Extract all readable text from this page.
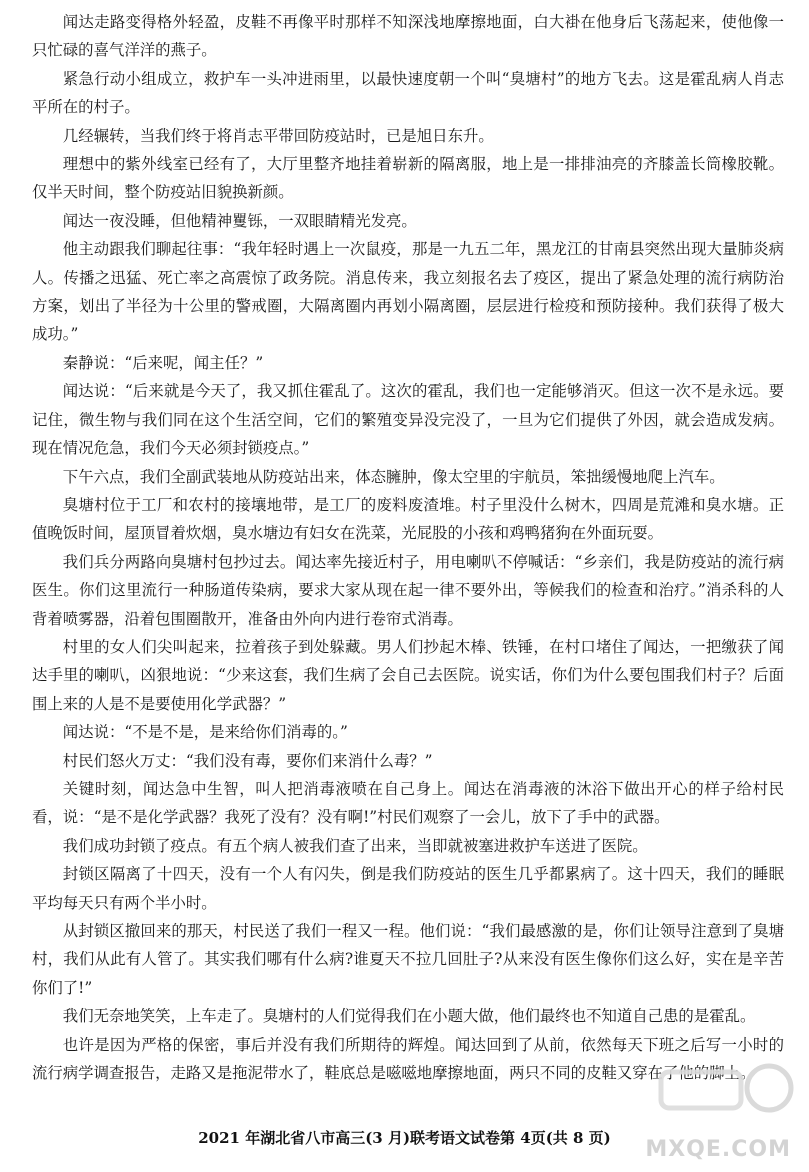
闻达走路变得格外轻盈，皮鞋不再像平时那样不知深浅地摩擦地面，白大褂在他身后飞荡起来，使他像一只忙碌的喜气洋洋的燕子。

紧急行动小组成立，救护车一头冲进雨里，以最快速度朝一个叫“臭塘村”的地方飞去。这是霍乱病人肖志平所在的村子。

几经辗转，当我们终于将肖志平带回防疫站时，已是旭日东升。

理想中的紫外线室已经有了，大厅里整齐地挂着崭新的隔离服，地上是一排排油亮的齐膝盖长筒橡胶靴。仅半天时间，整个防疫站旧貌换新颜。

闻达一夜没睡，但他精神矍铄，一双眼睛精光发亮。

他主动跟我们聊起往事：“我年轻时遇上一次鼠疫，那是一九五二年，黑龙江的甘南县突然出现大量肺炎病人。传播之迅猛、死亡率之高震惊了政务院。消息传来，我立刻报名去了疫区，提出了紧急处理的流行病防治方案，划出了半径为十公里的警戒圈，大隔离圈内再划小隔离圈，层层进行检疫和预防接种。我们获得了极大成功。”

秦静说：“后来呢，闻主任？”

闻达说：“后来就是今天了，我又抓住霍乱了。这次的霍乱，我们也一定能够消灭。但这一次不是永远。要记住，微生物与我们同在这个生活空间，它们的繁殖变异没完没了，一旦为它们提供了外因，就会造成发病。现在情况危急，我们今天必须封锁疫点。”

下午六点，我们全副武装地从防疫站出来，体态臃肿，像太空里的宇航员，笨拙缓慢地爬上汽车。

臭塘村位于工厂和农村的接壤地带，是工厂的废料废渣堆。村子里没什么树木，四周是荒滩和臭水塘。正值晚饭时间，屋顶冒着炊烟，臭水塘边有妇女在洗菜，光屁股的小孩和鸡鸭猪狗在外面玩耍。

我们兵分两路向臭塘村包抄过去。闻达率先接近村子，用电喇叭不停喊话：“乡亲们，我是防疫站的流行病医生。你们这里流行一种肠道传染病，要求大家从现在起一律不要外出，等候我们的检查和治疗。”消杀科的人 背着喷雾器，沿着包围圈散开，准备由外向内进行卷帘式消毒。

村里的女人们尖叫起来，拉着孩子到处躲藏。男人们抄起木棒、铁锤，在村口堵住了闻达，一把缴获了闻达手里的喇叭，凶狠地说：“少来这套，我们生病了会自己去医院。说实话，你们为什么要包围我们村子？后面围上来的人是不是要使用化学武器？”

闻达说：“不是不是，是来给你们消毒的。”

村民们怒火万丈：“我们没有毒，要你们来消什么毒？”

关键时刻，闻达急中生智，叫人把消毒液喷在自己身上。闻达在消毒液的沐浴下做出开心的样子给村民看，说：“是不是化学武器？我死了没有？没有啊!”村民们观察了一会儿，放下了手中的武器。

我们成功封锁了疫点。有五个病人被我们查了出来，当即就被塞进救护车送进了医院。

封锁区隔离了十四天，没有一个人有闪失，倒是我们防疫站的医生几乎都累病了。这十四天，我们的睡眠平均每天只有两个半小时。

从封锁区撤回来的那天，村民送了我们一程又一程。他们说：“我们最感激的是，你们让领导注意到了臭塘村，我们从此有人管了。其实我们哪有什么病?谁夏天不拉几回肚子?从来没有医生像你们这么好，实在是辛苦你们了!”

我们无奈地笑笑，上车走了。臭塘村的人们觉得我们在小题大做，他们最终也不知道自己患的是霍乱。

也许是因为严格的保密，事后并没有我们所期待的辉煌。闻达回到了从前，依然每天下班之后写一小时的流行病学调查报告，走路又是拖泥带水了，鞋底总是嗞嗞地摩擦地面，两只不同的皮鞋又穿在了他的脚上。

2021 年湖北省八市高三(3 月)联考语文试卷第 4页(共 8 页)	MXQE.COM
